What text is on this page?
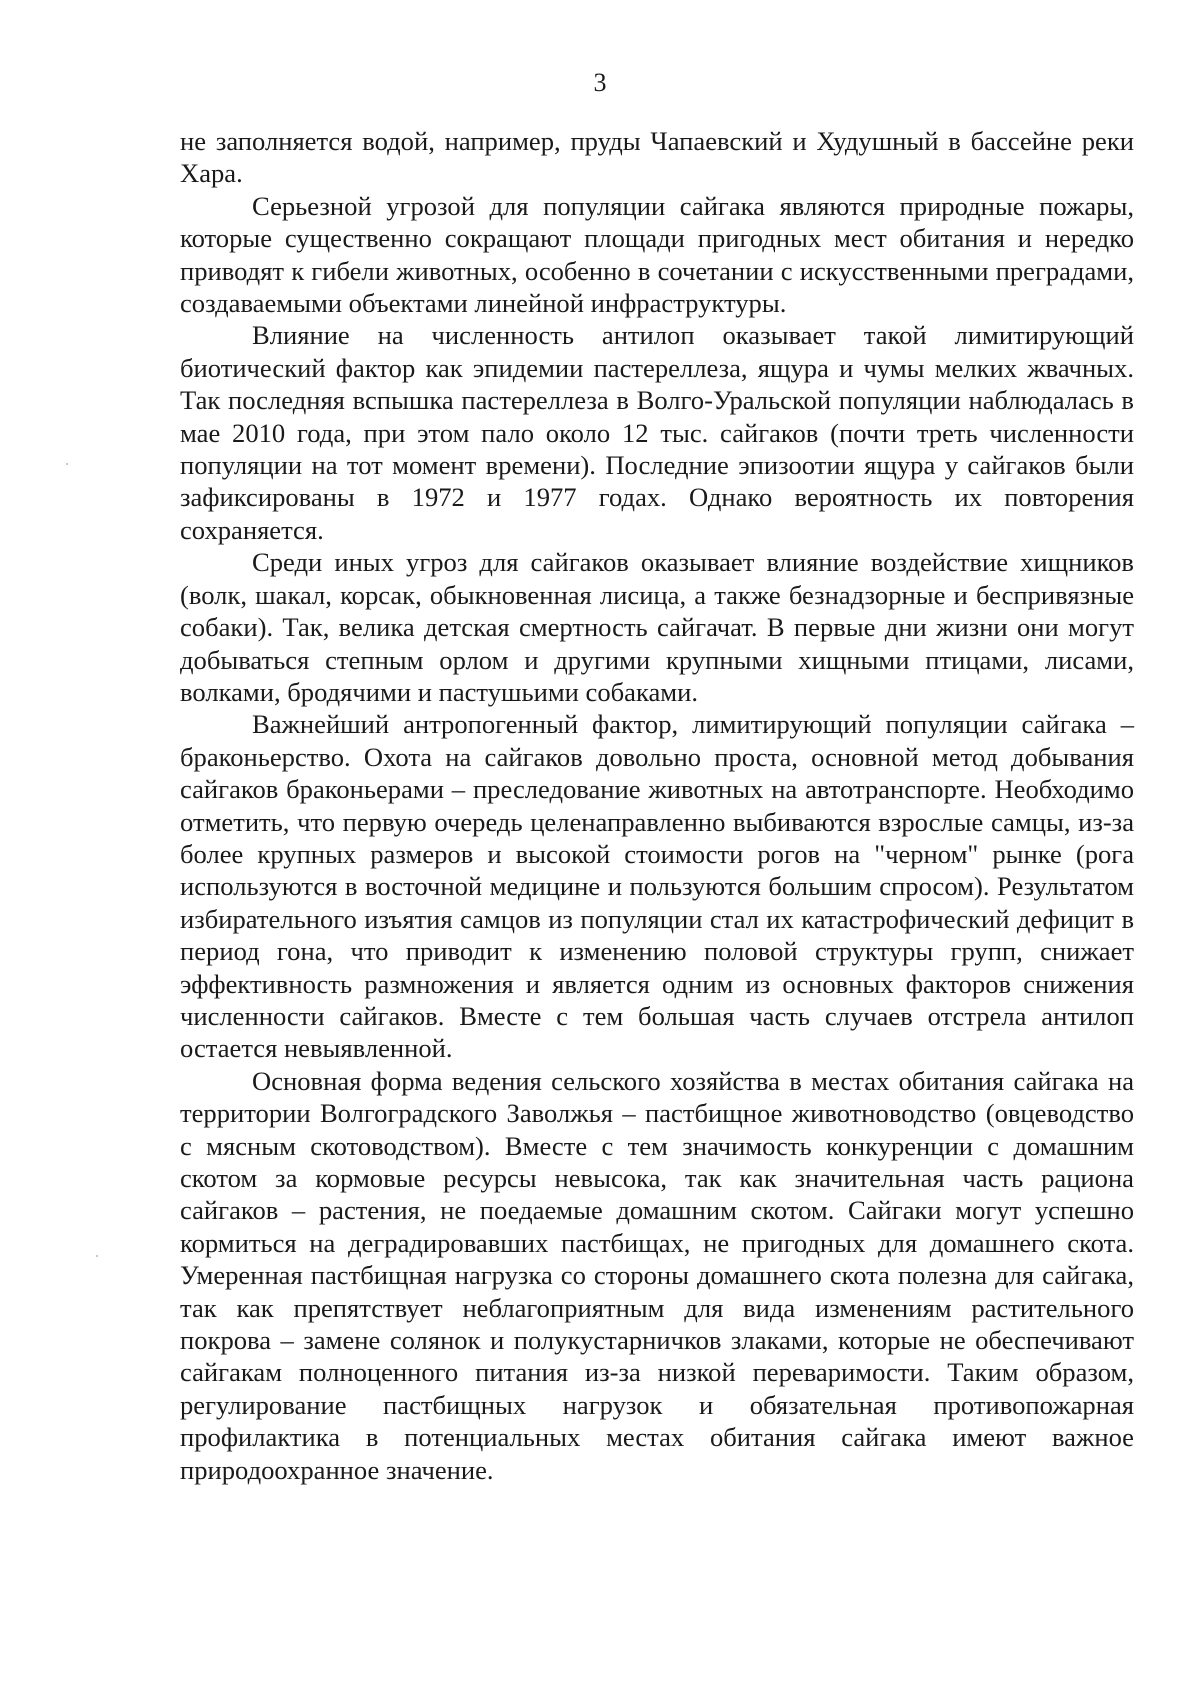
3

не заполняется водой, например, пруды Чапаевский и Худушный в бассейне реки Хара.

Серьезной угрозой для популяции сайгака являются природные пожары, которые существенно сокращают площади пригодных мест обитания и нередко приводят к гибели животных, особенно в сочетании с искусственными преградами, создаваемыми объектами линейной инфраструктуры.

Влияние на численность антилоп оказывает такой лимитирующий биотический фактор как эпидемии пастереллеза, ящура и чумы мелких жвачных. Так последняя вспышка пастереллеза в Волго-Уральской популяции наблюдалась в мае 2010 года, при этом пало около 12 тыс. сайгаков (почти треть численности популяции на тот момент времени). Последние эпизоотии ящура у сайгаков были зафиксированы в 1972 и 1977 годах. Однако вероятность их повторения сохраняется.

Среди иных угроз для сайгаков оказывает влияние воздействие хищников (волк, шакал, корсак, обыкновенная лисица, а также безнадзорные и беспривязные собаки). Так, велика детская смертность сайгачат. В первые дни жизни они могут добываться степным орлом и другими крупными хищными птицами, лисами, волками, бродячими и пастушьими собаками.

Важнейший антропогенный фактор, лимитирующий популяции сайгака – браконьерство. Охота на сайгаков довольно проста, основной метод добывания сайгаков браконьерами – преследование животных на автотранспорте. Необходимо отметить, что первую очередь целенаправленно выбиваются взрослые самцы, из-за более крупных размеров и высокой стоимости рогов на "черном" рынке (рога используются в восточной медицине и пользуются большим спросом). Результатом избирательного изъятия самцов из популяции стал их катастрофический дефицит в период гона, что приводит к изменению половой структуры групп, снижает эффективность размножения и является одним из основных факторов снижения численности сайгаков. Вместе с тем большая часть случаев отстрела антилоп остается невыявленной.

Основная форма ведения сельского хозяйства в местах обитания сайгака на территории Волгоградского Заволжья – пастбищное животноводство (овцеводство с мясным скотоводством). Вместе с тем значимость конкуренции с домашним скотом за кормовые ресурсы невысока, так как значительная часть рациона сайгаков – растения, не поедаемые домашним скотом. Сайгаки могут успешно кормиться на деградировавших пастбищах, не пригодных для домашнего скота. Умеренная пастбищная нагрузка со стороны домашнего скота полезна для сайгака, так как препятствует неблагоприятным для вида изменениям растительного покрова – замене солянок и полукустарничков злаками, которые не обеспечивают сайгакам полноценного питания из-за низкой переваримости. Таким образом, регулирование пастбищных нагрузок и обязательная противопожарная профилактика в потенциальных местах обитания сайгака имеют важное природоохранное значение.
